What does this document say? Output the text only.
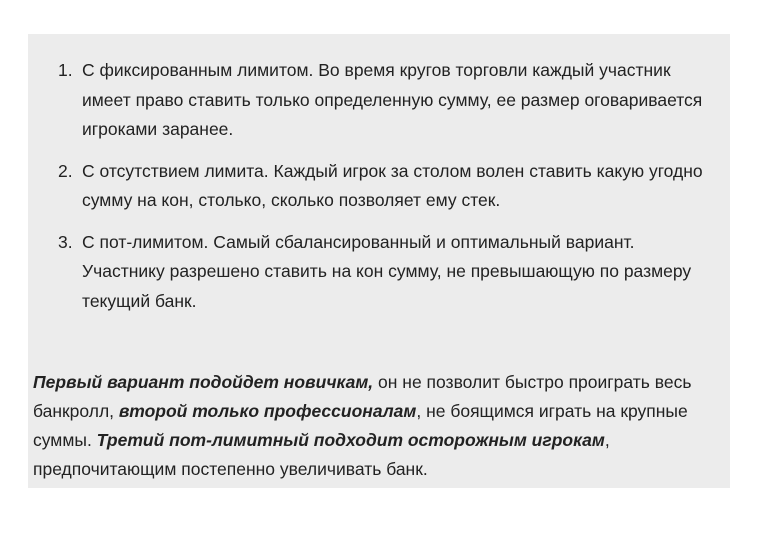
1. С фиксированным лимитом. Во время кругов торговли каждый участник имеет право ставить только определенную сумму, ее размер оговаривается игроками заранее.
2. С отсутствием лимита. Каждый игрок за столом волен ставить какую угодно сумму на кон, столько, сколько позволяет ему стек.
3. С пот-лимитом. Самый сбалансированный и оптимальный вариант. Участнику разрешено ставить на кон сумму, не превышающую по размеру текущий банк.

Первый вариант подойдет новичкам, он не позволит быстро проиграть весь банкролл, второй только профессионалам, не боящимся играть на крупные суммы. Третий пот-лимитный подходит осторожным игрокам, предпочитающим постепенно увеличивать банк.
